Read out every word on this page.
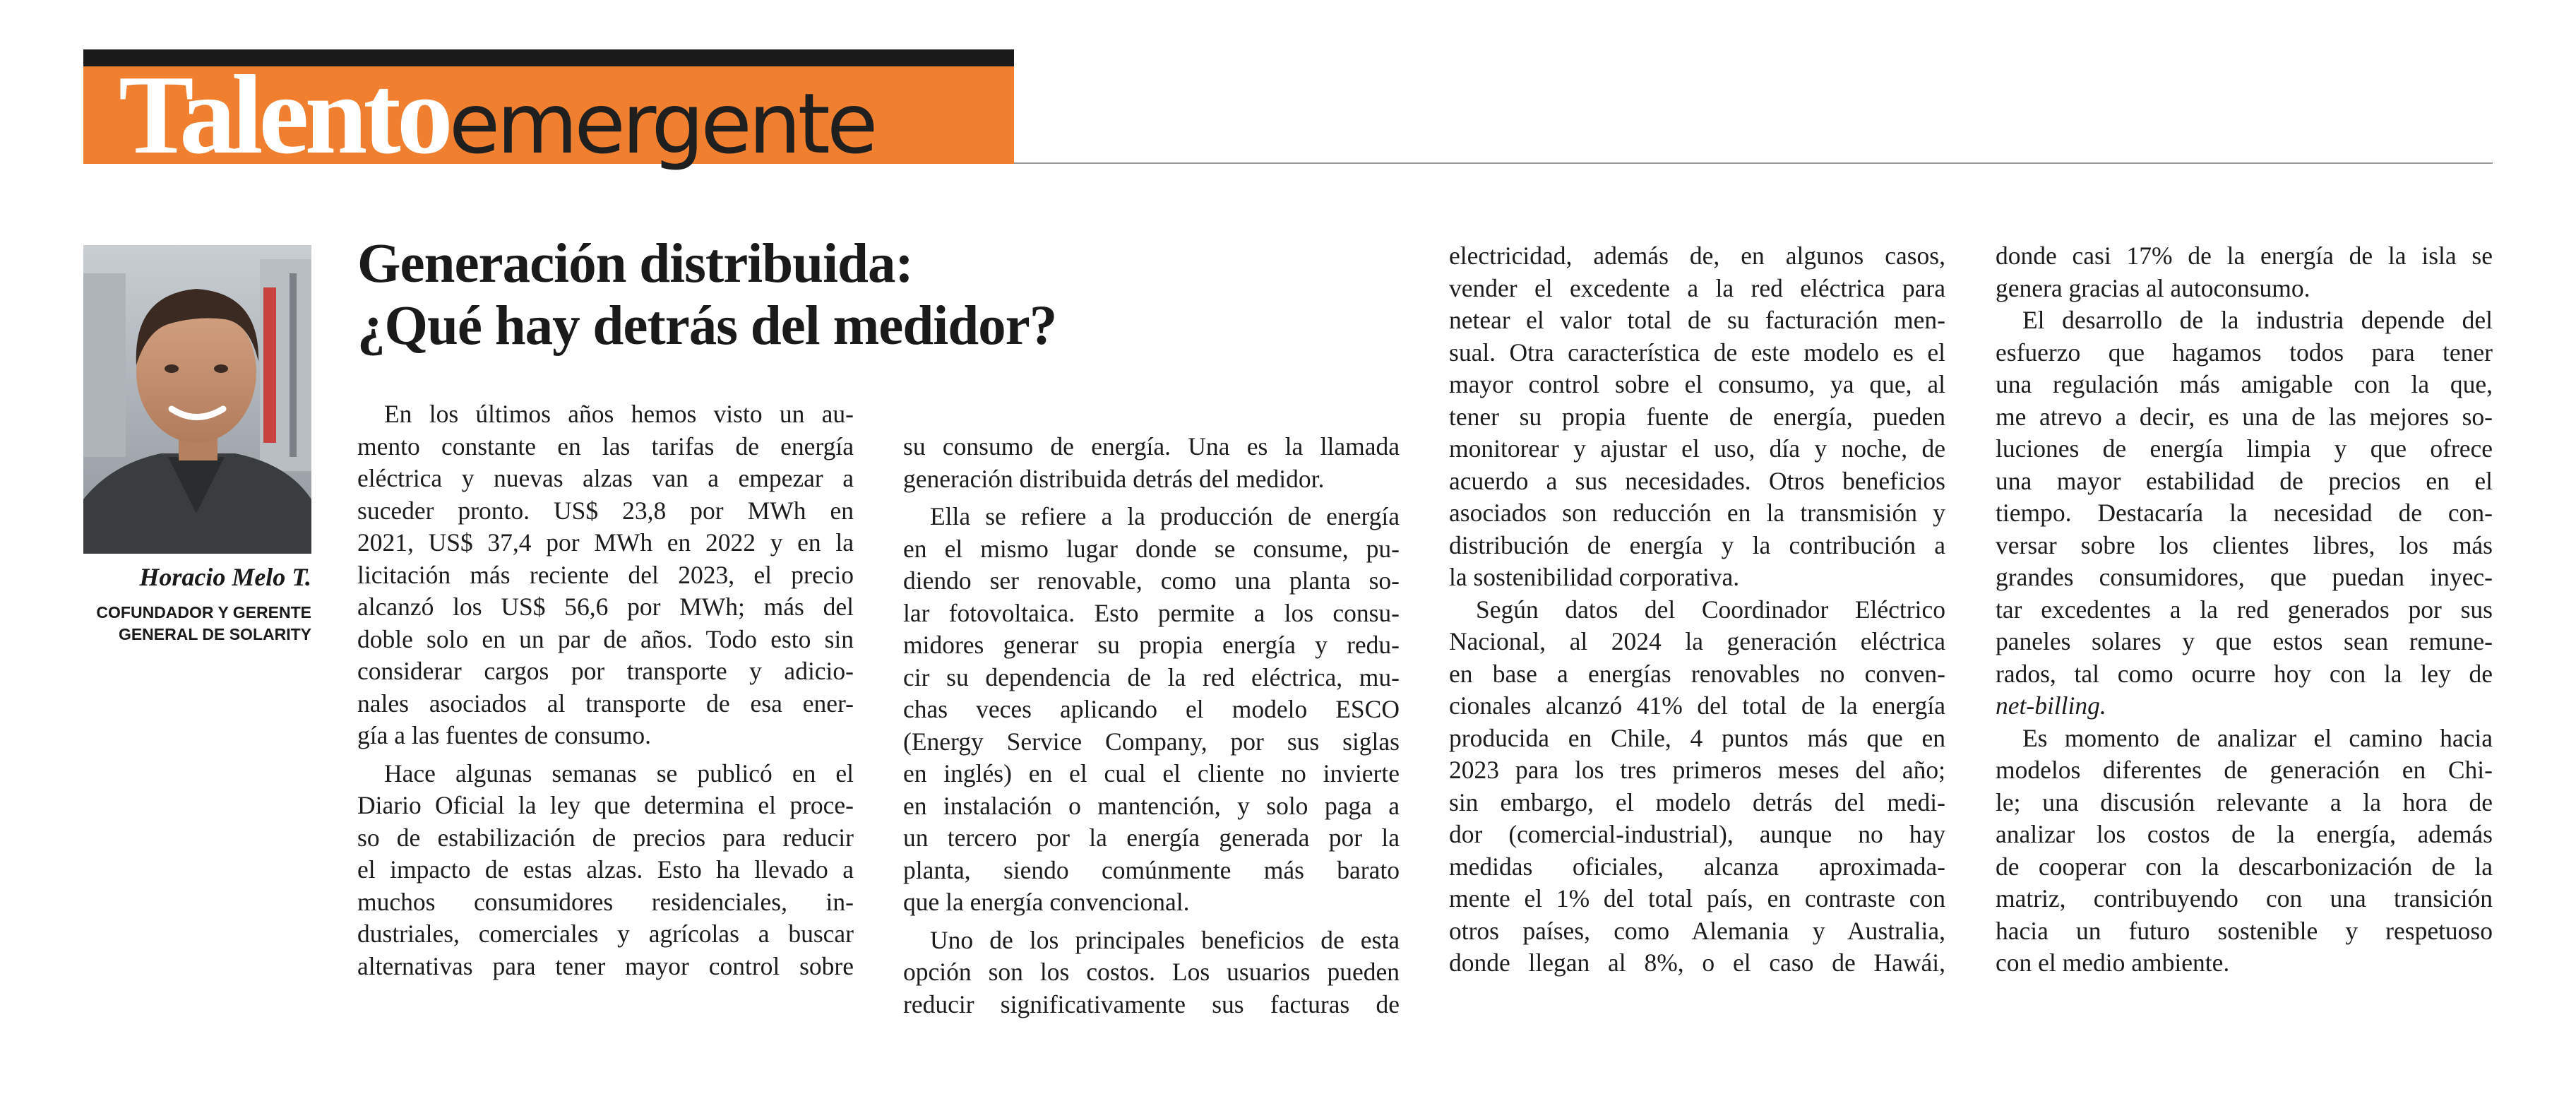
Talentoemergente
Horacio Melo T.
COFUNDADOR Y GERENTE
GENERAL DE SOLARITY
Generación distribuida:
¿Qué hay detrás del medidor?
En los últimos años hemos visto un au-
mento constante en las tarifas de energía
eléctrica y nuevas alzas van a empezar a
suceder pronto. US$ 23,8 por MWh en
2021, US$ 37,4 por MWh en 2022 y en la
licitación más reciente del 2023, el precio
alcanzó los US$ 56,6 por MWh; más del
doble solo en un par de años. Todo esto sin
considerar cargos por transporte y adicio-
nales asociados al transporte de esa ener-
gía a las fuentes de consumo.
Hace algunas semanas se publicó en el
Diario Oficial la ley que determina el proce-
so de estabilización de precios para reducir
el impacto de estas alzas. Esto ha llevado a
muchos consumidores residenciales, in-
dustriales, comerciales y agrícolas a buscar
alternativas para tener mayor control sobre
su consumo de energía. Una es la llamada
generación distribuida detrás del medidor.
Ella se refiere a la producción de energía
en el mismo lugar donde se consume, pu-
diendo ser renovable, como una planta so-
lar fotovoltaica. Esto permite a los consu-
midores generar su propia energía y redu-
cir su dependencia de la red eléctrica, mu-
chas veces aplicando el modelo ESCO
(Energy Service Company, por sus siglas
en inglés) en el cual el cliente no invierte
en instalación o mantención, y solo paga a
un tercero por la energía generada por la
planta, siendo comúnmente más barato
que la energía convencional.
Uno de los principales beneficios de esta
opción son los costos. Los usuarios pueden
reducir significativamente sus facturas de
electricidad, además de, en algunos casos,
vender el excedente a la red eléctrica para
netear el valor total de su facturación men-
sual. Otra característica de este modelo es el
mayor control sobre el consumo, ya que, al
tener su propia fuente de energía, pueden
monitorear y ajustar el uso, día y noche, de
acuerdo a sus necesidades. Otros beneficios
asociados son reducción en la transmisión y
distribución de energía y la contribución a
la sostenibilidad corporativa.
Según datos del Coordinador Eléctrico
Nacional, al 2024 la generación eléctrica
en base a energías renovables no conven-
cionales alcanzó 41% del total de la energía
producida en Chile, 4 puntos más que en
2023 para los tres primeros meses del año;
sin embargo, el modelo detrás del medi-
dor (comercial-industrial), aunque no hay
medidas oficiales, alcanza aproximada-
mente el 1% del total país, en contraste con
otros países, como Alemania y Australia,
donde llegan al 8%, o el caso de Hawái,
donde casi 17% de la energía de la isla se
genera gracias al autoconsumo.
El desarrollo de la industria depende del
esfuerzo que hagamos todos para tener
una regulación más amigable con la que,
me atrevo a decir, es una de las mejores so-
luciones de energía limpia y que ofrece
una mayor estabilidad de precios en el
tiempo. Destacaría la necesidad de con-
versar sobre los clientes libres, los más
grandes consumidores, que puedan inyec-
tar excedentes a la red generados por sus
paneles solares y que estos sean remune-
rados, tal como ocurre hoy con la ley de
net-billing.
Es momento de analizar el camino hacia
modelos diferentes de generación en Chi-
le; una discusión relevante a la hora de
analizar los costos de la energía, además
de cooperar con la descarbonización de la
matriz, contribuyendo con una transición
hacia un futuro sostenible y respetuoso
con el medio ambiente.
